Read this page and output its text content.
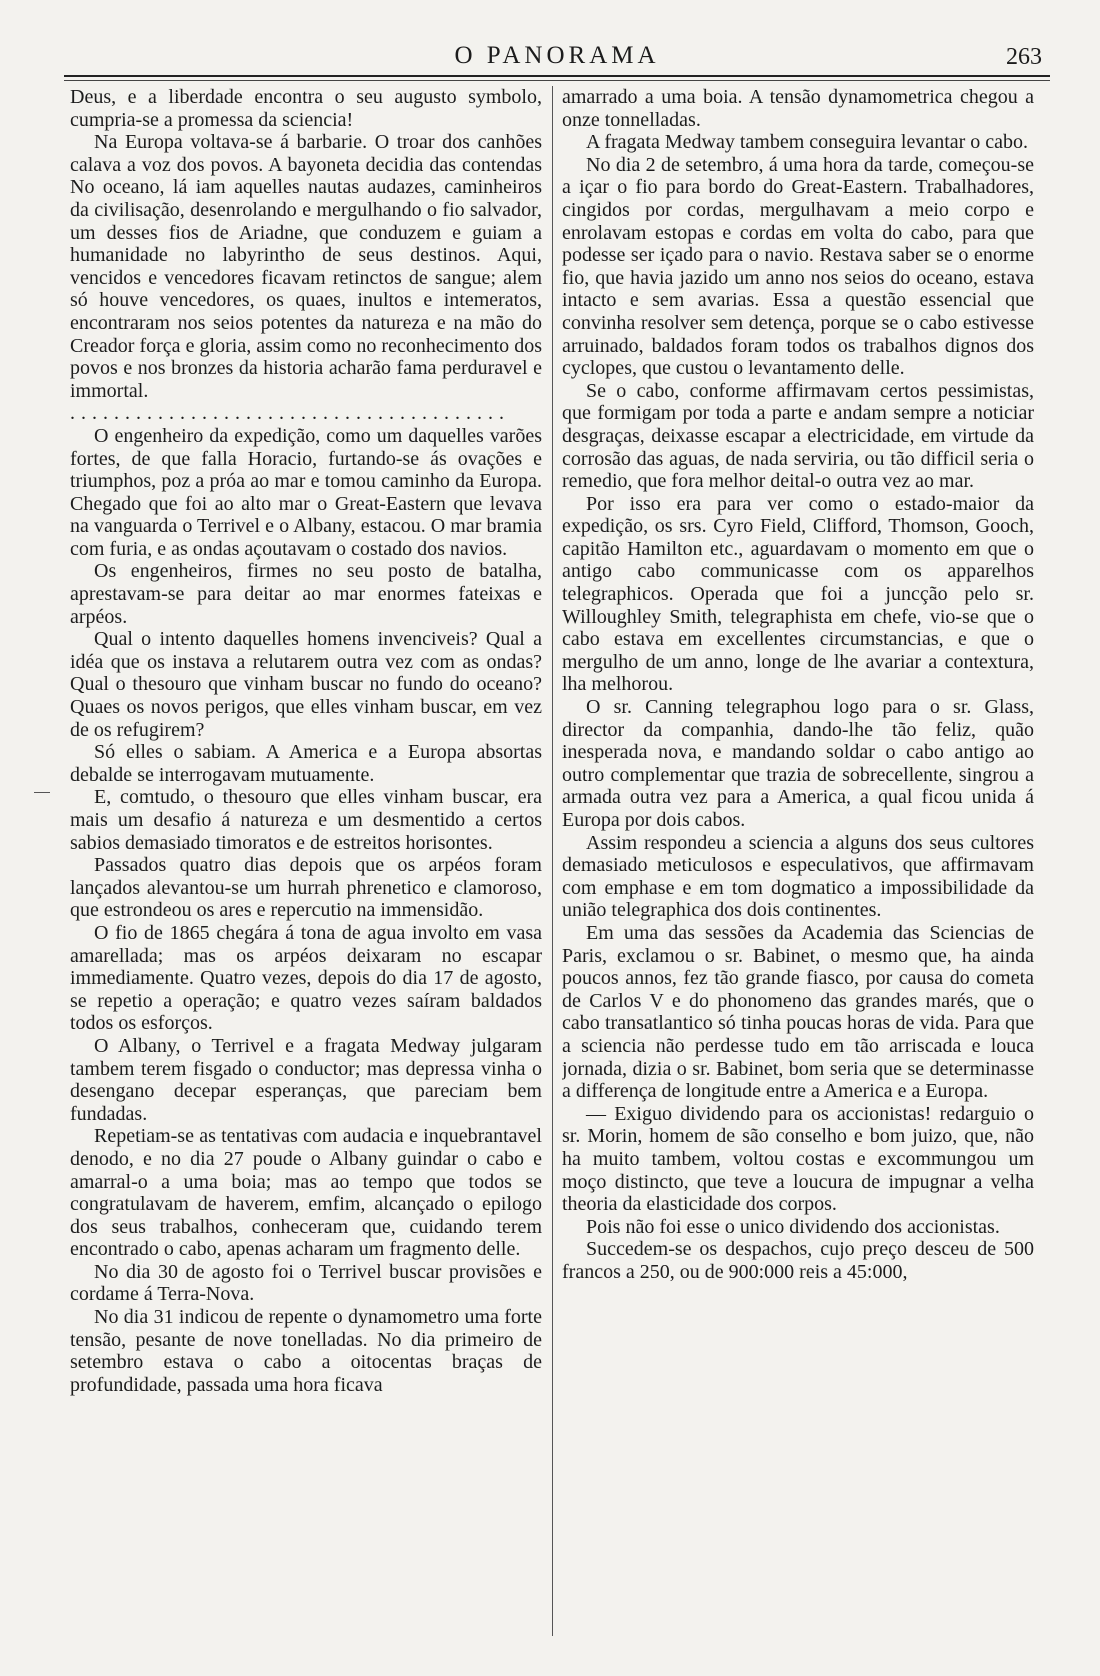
O PANORAMA	263

Deus, e a liberdade encontra o seu augusto symbolo, cumpria-se a promessa da sciencia!

Na Europa voltava-se á barbarie. O troar dos canhões calava a voz dos povos. A bayoneta decidia das contendas No oceano, lá iam aquelles nautas audazes, caminheiros da civilisação, desenrolando e mergulhando o fio salvador, um desses fios de Ariadne, que conduzem e guiam a humanidade no labyrintho de seus destinos. Aqui, vencidos e vencedores ficavam retinctos de sangue; alem só houve vencedores, os quaes, inultos e intemeratos, encontraram nos seios potentes da natureza e na mão do Creador força e gloria, assim como no reconhecimento dos povos e nos bronzes da historia acharão fama perduravel e immortal.

........................................

O engenheiro da expedição, como um daquelles varões fortes, de que falla Horacio, furtando-se ás ovações e triumphos, poz a próa ao mar e tomou caminho da Europa. Chegado que foi ao alto mar o Great-Eastern que levava na vanguarda o Terrivel e o Albany, estacou. O mar bramia com furia, e as ondas açoutavam o costado dos navios.

Os engenheiros, firmes no seu posto de batalha, aprestavam-se para deitar ao mar enormes fateixas e arpéos.

Qual o intento daquelles homens invenciveis? Qual a idéa que os instava a relutarem outra vez com as ondas? Qual o thesouro que vinham buscar no fundo do oceano? Quaes os novos perigos, que elles vinham buscar, em vez de os refugirem?

Só elles o sabiam. A America e a Europa absortas debalde se interrogavam mutuamente.

E, comtudo, o thesouro que elles vinham buscar, era mais um desafio á natureza e um desmentido a certos sabios demasiado timoratos e de estreitos horisontes.

Passados quatro dias depois que os arpéos foram lançados alevantou-se um hurrah phrenetico e clamoroso, que estrondeou os ares e repercutio na immensidão.

O fio de 1865 chegára á tona de agua involto em vasa amarellada; mas os arpéos deixaram no escapar immediamente. Quatro vezes, depois do dia 17 de agosto, se repetio a operação; e quatro vezes saíram baldados todos os esforços.

O Albany, o Terrivel e a fragata Medway julgaram tambem terem fisgado o conductor; mas depressa vinha o desengano decepar esperanças, que pareciam bem fundadas.

Repetiam-se as tentativas com audacia e inquebrantavel denodo, e no dia 27 poude o Albany guindar o cabo e amarral-o a uma boia; mas ao tempo que todos se congratulavam de haverem, emfim, alcançado o epilogo dos seus trabalhos, conheceram que, cuidando terem encontrado o cabo, apenas acharam um fragmento delle.

No dia 30 de agosto foi o Terrivel buscar provisões e cordame á Terra-Nova.

No dia 31 indicou de repente o dynamometro uma forte tensão, pesante de nove tonelladas. No dia primeiro de setembro estava o cabo a oitocentas braças de profundidade, passada uma hora ficava

amarrado a uma boia. A tensão dynamometrica chegou a onze tonnelladas.

A fragata Medway tambem conseguira levantar o cabo.

No dia 2 de setembro, á uma hora da tarde, começou-se a içar o fio para bordo do Great-Eastern. Trabalhadores, cingidos por cordas, mergulhavam a meio corpo e enrolavam estopas e cordas em volta do cabo, para que podesse ser içado para o navio. Restava saber se o enorme fio, que havia jazido um anno nos seios do oceano, estava intacto e sem avarias. Essa a questão essencial que convinha resolver sem detença, porque se o cabo estivesse arruinado, baldados foram todos os trabalhos dignos dos cyclopes, que custou o levantamento delle.

Se o cabo, conforme affirmavam certos pessimistas, que formigam por toda a parte e andam sempre a noticiar desgraças, deixasse escapar a electricidade, em virtude da corrosão das aguas, de nada serviria, ou tão difficil seria o remedio, que fora melhor deital-o outra vez ao mar.

Por isso era para ver como o estado-maior da expedição, os srs. Cyro Field, Clifford, Thomson, Gooch, capitão Hamilton etc., aguardavam o momento em que o antigo cabo communicasse com os apparelhos telegraphicos. Operada que foi a juncção pelo sr. Willoughley Smith, telegraphista em chefe, vio-se que o cabo estava em excellentes circumstancias, e que o mergulho de um anno, longe de lhe avariar a contextura, lha melhorou.

O sr. Canning telegraphou logo para o sr. Glass, director da companhia, dando-lhe tão feliz, quão inesperada nova, e mandando soldar o cabo antigo ao outro complementar que trazia de sobrecellente, singrou a armada outra vez para a America, a qual ficou unida á Europa por dois cabos.

Assim respondeu a sciencia a alguns dos seus cultores demasiado meticulosos e especulativos, que affirmavam com emphase e em tom dogmatico a impossibilidade da união telegraphica dos dois continentes.

Em uma das sessões da Academia das Sciencias de Paris, exclamou o sr. Babinet, o mesmo que, ha ainda poucos annos, fez tão grande fiasco, por causa do cometa de Carlos V e do phonomeno das grandes marés, que o cabo transatlantico só tinha poucas horas de vida. Para que a sciencia não perdesse tudo em tão arriscada e louca jornada, dizia o sr. Babinet, bom seria que se determinasse a differença de longitude entre a America e a Europa.

— Exiguo dividendo para os accionistas! redarguio o sr. Morin, homem de são conselho e bom juizo, que, não ha muito tambem, voltou costas e excommungou um moço distincto, que teve a loucura de impugnar a velha theoria da elasticidade dos corpos.

Pois não foi esse o unico dividendo dos accionistas.

Succedem-se os despachos, cujo preço desceu de 500 francos a 250, ou de 900:000 reis a 45:000,
